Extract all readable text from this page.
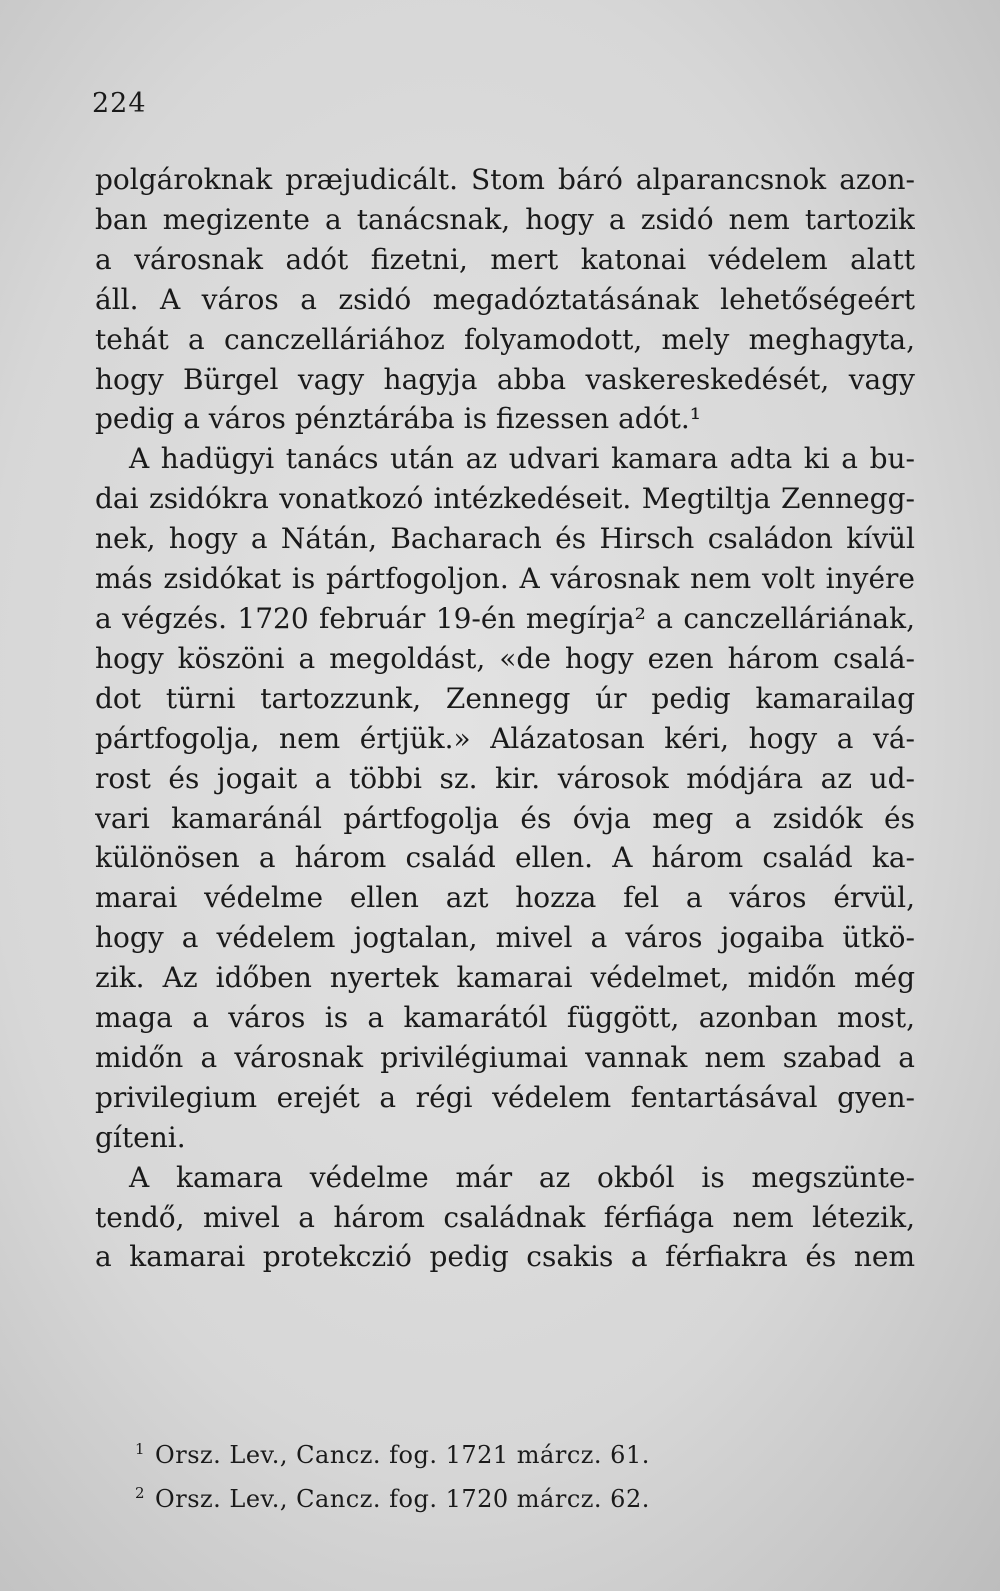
224
polgároknak præjudicált. Stom báró alparancsnok azon-
ban megizente a tanácsnak, hogy a zsidó nem tartozik
a városnak adót fizetni, mert katonai védelem alatt
áll. A város a zsidó megadóztatásának lehetőségeért
tehát a canczelláriához folyamodott, mely meghagyta,
hogy Bürgel vagy hagyja abba vaskereskedését, vagy
pedig a város pénztárába is fizessen adót.¹
A hadügyi tanács után az udvari kamara adta ki a bu-
dai zsidókra vonatkozó intézkedéseit. Megtiltja Zennegg-
nek, hogy a Nátán, Bacharach és Hirsch családon kívül
más zsidókat is pártfogoljon. A városnak nem volt inyére
a végzés. 1720 február 19-én megírja² a canczelláriának,
hogy köszöni a megoldást, «de hogy ezen három csalá-
dot türni tartozzunk, Zennegg úr pedig kamarailag
pártfogolja, nem értjük.» Alázatosan kéri, hogy a vá-
rost és jogait a többi sz. kir. városok módjára az ud-
vari kamaránál pártfogolja és óvja meg a zsidók és
különösen a három család ellen. A három család ka-
marai védelme ellen azt hozza fel a város érvül,
hogy a védelem jogtalan, mivel a város jogaiba ütkö-
zik. Az időben nyertek kamarai védelmet, midőn még
maga a város is a kamarától függött, azonban most,
midőn a városnak privilégiumai vannak nem szabad a
privilegium erejét a régi védelem fentartásával gyen-
gíteni.
A kamara védelme már az okból is megszünte-
tendő, mivel a három családnak férfiága nem létezik,
a kamarai protekczió pedig csakis a férfiakra és nem
$^1$ Orsz. Lev., Cancz. fog. 1721 márcz. 61.
$^2$ Orsz. Lev., Cancz. fog. 1720 márcz. 62.
